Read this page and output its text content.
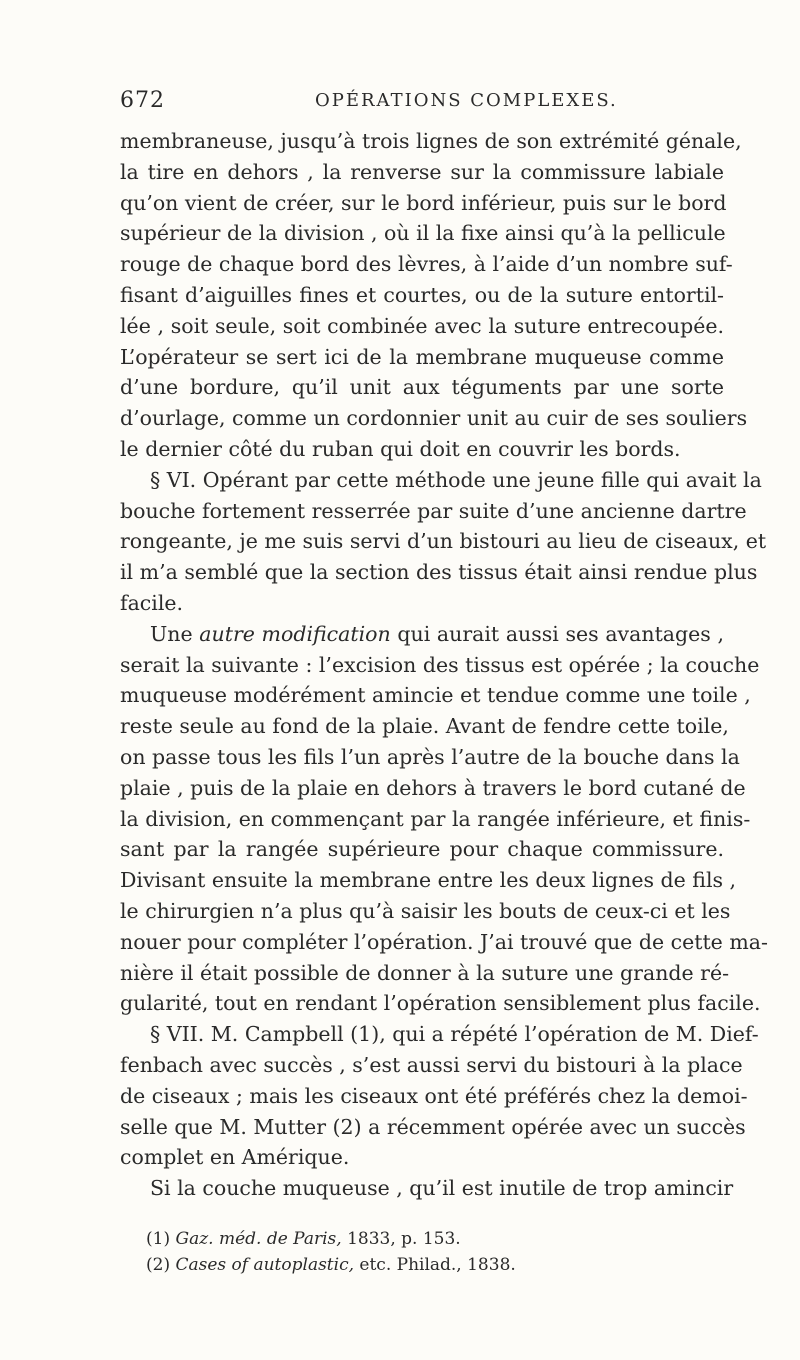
672	OPÉRATIONS COMPLEXES.
membraneuse, jusqu’à trois lignes de son extrémité génale,
la tire en dehors , la renverse sur la commissure labiale
qu’on vient de créer, sur le bord inférieur, puis sur le bord
supérieur de la division , où il la fixe ainsi qu’à la pellicule
rouge de chaque bord des lèvres, à l’aide d’un nombre suf-
fisant d’aiguilles fines et courtes, ou de la suture entortil-
lée , soit seule, soit combinée avec la suture entrecoupée.
L’opérateur se sert ici de la membrane muqueuse comme
d’une bordure, qu’il unit aux téguments par une sorte
d’ourlage, comme un cordonnier unit au cuir de ses souliers
le dernier côté du ruban qui doit en couvrir les bords.
§ VI. Opérant par cette méthode une jeune fille qui avait la
bouche fortement resserrée par suite d’une ancienne dartre
rongeante, je me suis servi d’un bistouri au lieu de ciseaux, et
il m’a semblé que la section des tissus était ainsi rendue plus
facile.
Une autre modification qui aurait aussi ses avantages ,
serait la suivante : l’excision des tissus est opérée ; la couche
muqueuse modérément amincie et tendue comme une toile ,
reste seule au fond de la plaie. Avant de fendre cette toile,
on passe tous les fils l’un après l’autre de la bouche dans la
plaie , puis de la plaie en dehors à travers le bord cutané de
la division, en commençant par la rangée inférieure, et finis-
sant par la rangée supérieure pour chaque commissure.
Divisant ensuite la membrane entre les deux lignes de fils ,
le chirurgien n’a plus qu’à saisir les bouts de ceux-ci et les
nouer pour compléter l’opération. J’ai trouvé que de cette ma-
nière il était possible de donner à la suture une grande ré-
gularité, tout en rendant l’opération sensiblement plus facile.
§ VII. M. Campbell (1), qui a répété l’opération de M. Dief-
fenbach avec succès , s’est aussi servi du bistouri à la place
de ciseaux ; mais les ciseaux ont été préférés chez la demoi-
selle que M. Mutter (2) a récemment opérée avec un succès
complet en Amérique.
Si la couche muqueuse , qu’il est inutile de trop amincir
(1) Gaz. méd. de Paris, 1833, p. 153.
(2) Cases of autoplastic, etc. Philad., 1838.
